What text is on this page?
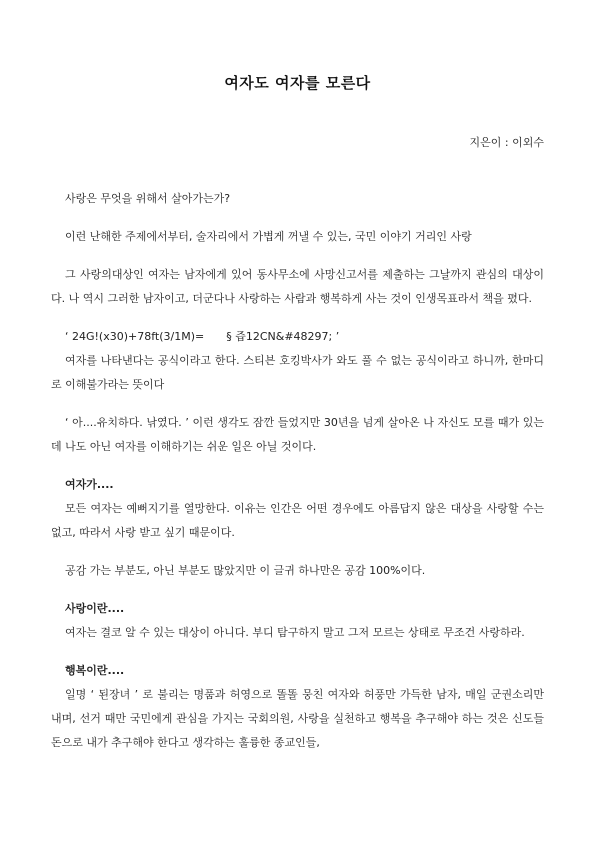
여자도 여자를 모른다
지은이 : 이외수

사랑은 무엇을 위해서 살아가는가?

이런 난해한 주제에서부터, 술자리에서 가볍게 꺼낼 수 있는, 국민 이야기 거리인 사랑

그 사랑의대상인 여자는 남자에게 있어 동사무소에 사망신고서를 제출하는 그날까지 관심의 대상이다. 나 역시 그러한 남자이고, 더군다나 사랑하는 사람과 행복하게 사는 것이 인생목표라서 책을 폈다.

‘ 24G!(x30)+78ft(3/1M)=　　§ 즙12CN&#48297; ’

여자를 나타낸다는 공식이라고 한다. 스티븐 호킹박사가 와도 풀 수 없는 공식이라고 하니까, 한마디로 이해불가라는 뜻이다

‘ 아....유치하다. 낚였다. ’ 이런 생각도 잠깐 들었지만 30년을 넘게 살아온 나 자신도 모를 때가 있는데 나도 아닌 여자를 이해하기는 쉬운 일은 아닐 것이다.

여자가....

모든 여자는 예뻐지기를 열망한다. 이유는 인간은 어떤 경우에도 아름답지 않은 대상을 사랑할 수는 없고, 따라서 사랑 받고 싶기 때문이다.

공감 가는 부분도, 아닌 부분도 많았지만 이 글귀 하나만은 공감 100%이다.

사랑이란....

여자는 결코 알 수 있는 대상이 아니다. 부디 탐구하지 말고 그저 모르는 상태로 무조건 사랑하라.

행복이란....

일명 ‘ 된장녀 ’ 로 불리는 명품과 허영으로 똘똘 뭉친 여자와 허풍만 가득한 남자, 매일 군권소리만 내며, 선거 때만 국민에게 관심을 가지는 국회의원, 사랑을 실천하고 행복을 추구해야 하는 것은 신도들 돈으로 내가 추구해야 한다고 생각하는 훌륭한 종교인들,
